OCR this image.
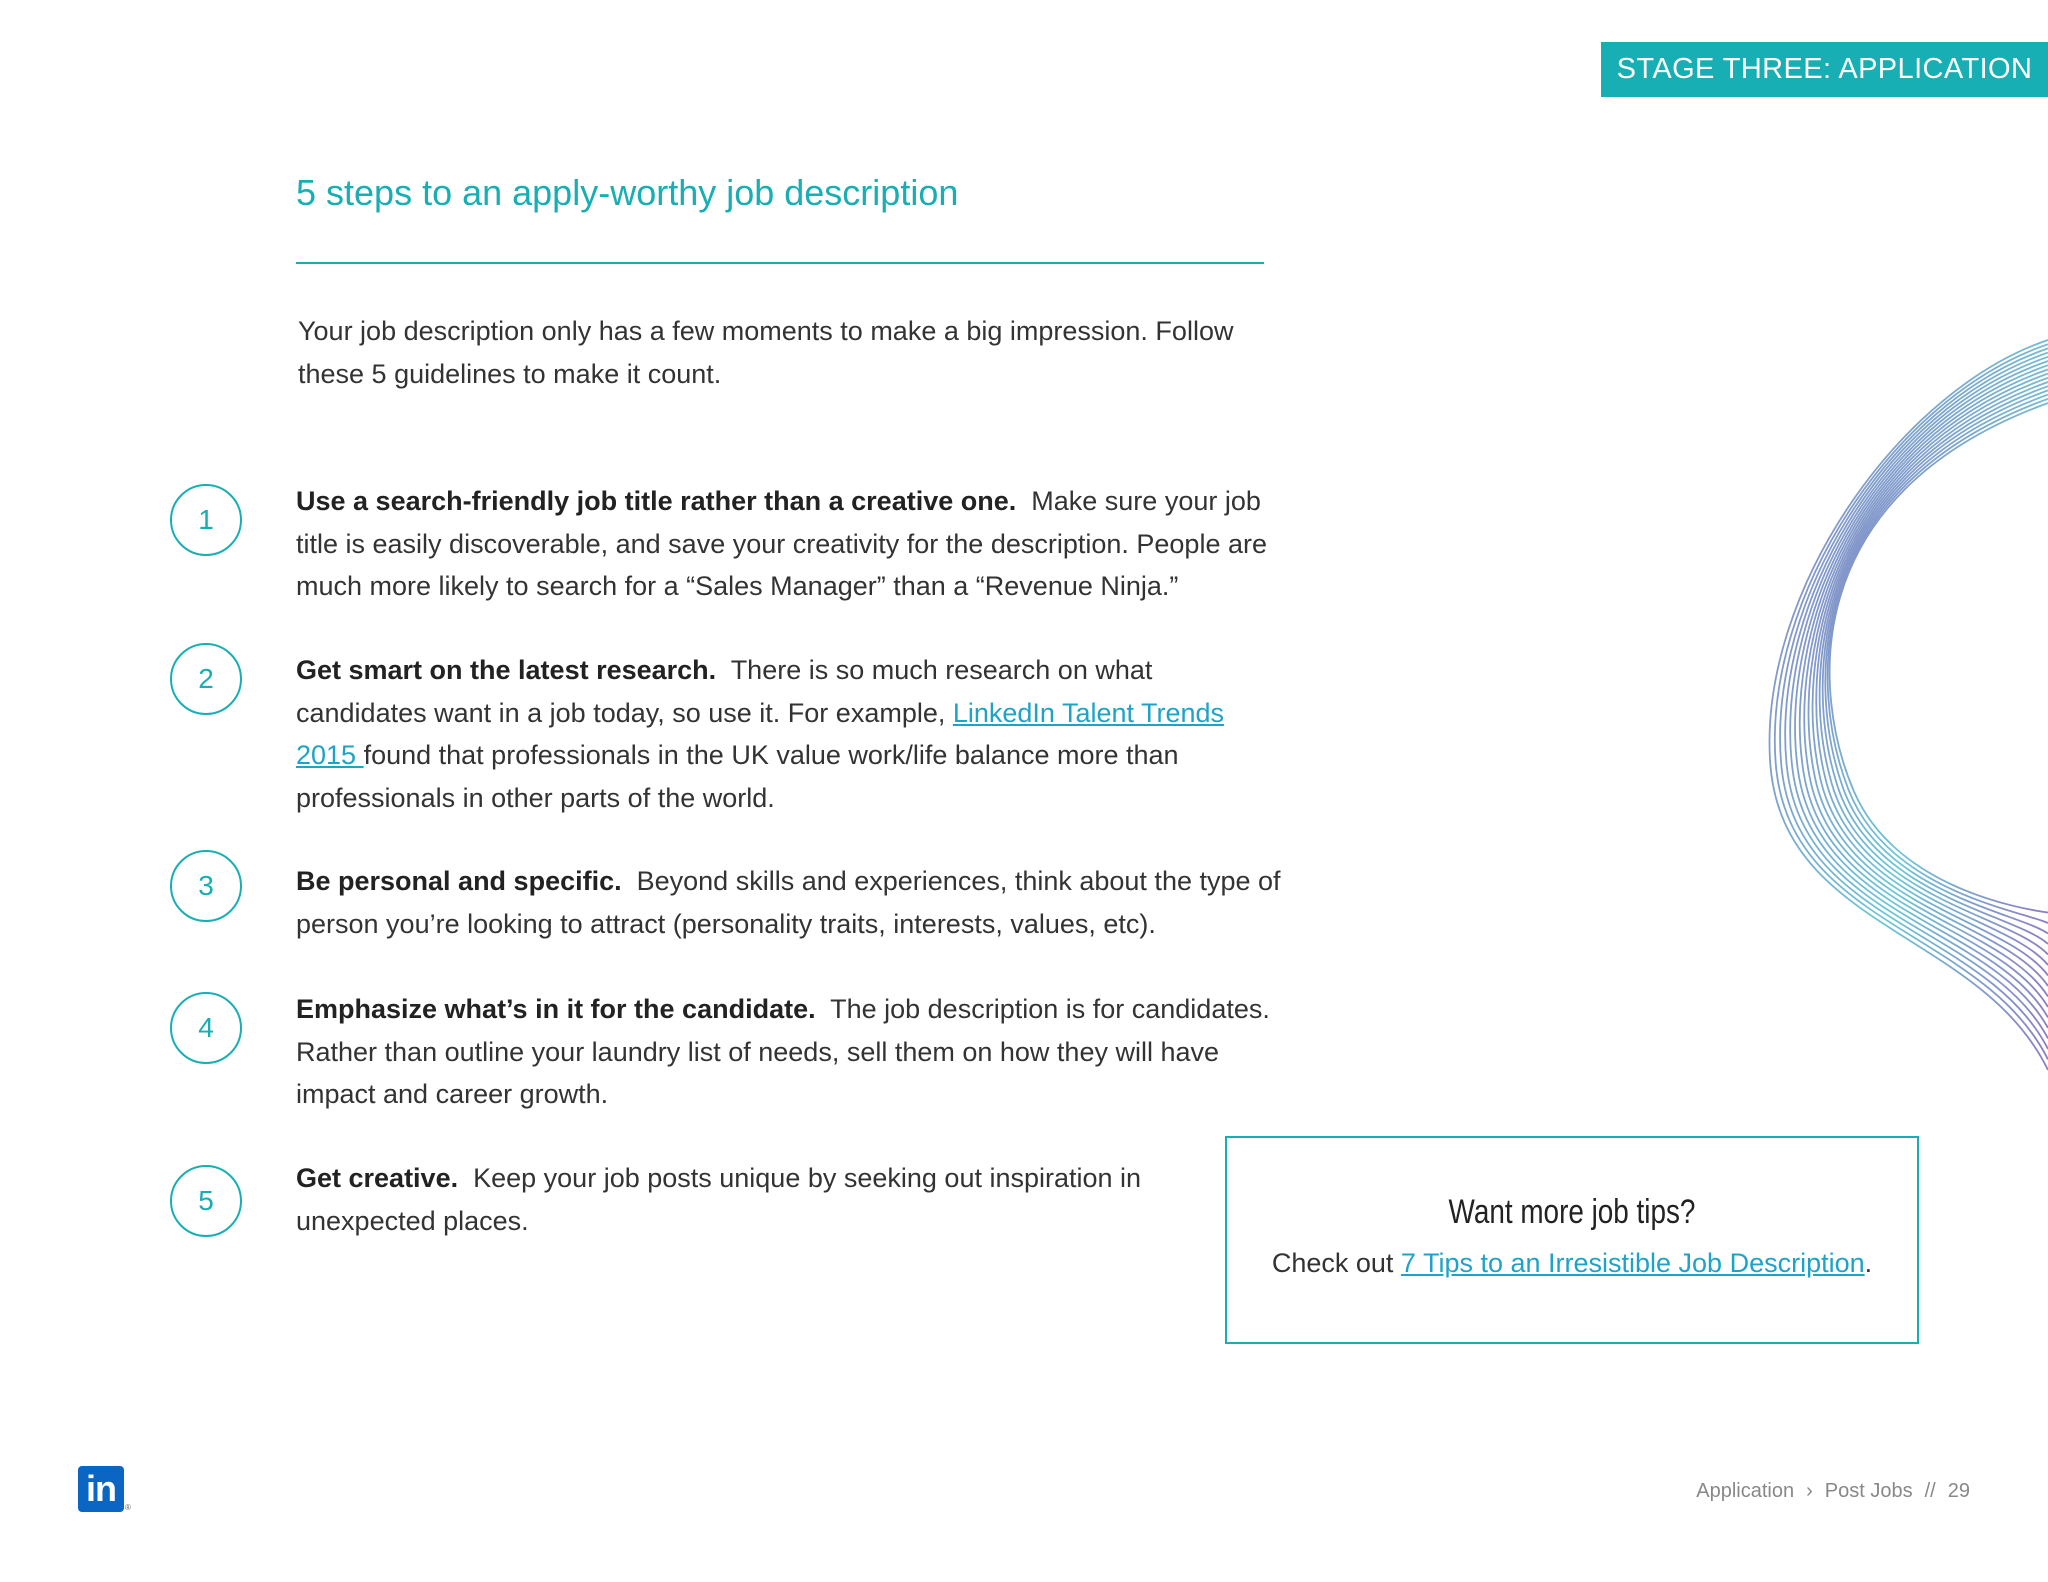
STAGE THREE: APPLICATION
5 steps to an apply-worthy job description

Your job description only has a few moments to make a big impression. Follow these 5 guidelines to make it count.

1

Use a search-friendly job title rather than a creative one. Make sure your job title is easily discoverable, and save your creativity for the description. People are much more likely to search for a “Sales Manager” than a “Revenue Ninja.”

2	Get smart on the latest research. There is so much research on what candidates want in a job today, so use it. For example, LinkedIn Talent Trends 2015 found that professionals in the UK value work/life balance more than professionals in other parts of the world.

3	Be personal and specific. Beyond skills and experiences, think about the type of person you’re looking to attract (personality traits, interests, values, etc).

4

Emphasize what’s in it for the candidate. The job description is for candidates. Rather than outline your laundry list of needs, sell them on how they will have impact and career growth.

5

Get creative. Keep your job posts unique by seeking out inspiration in unexpected places.	Want more job tips?
Check out 7 Tips to an Irresistible Job Description.
in ®
Application › Post Jobs // 29
